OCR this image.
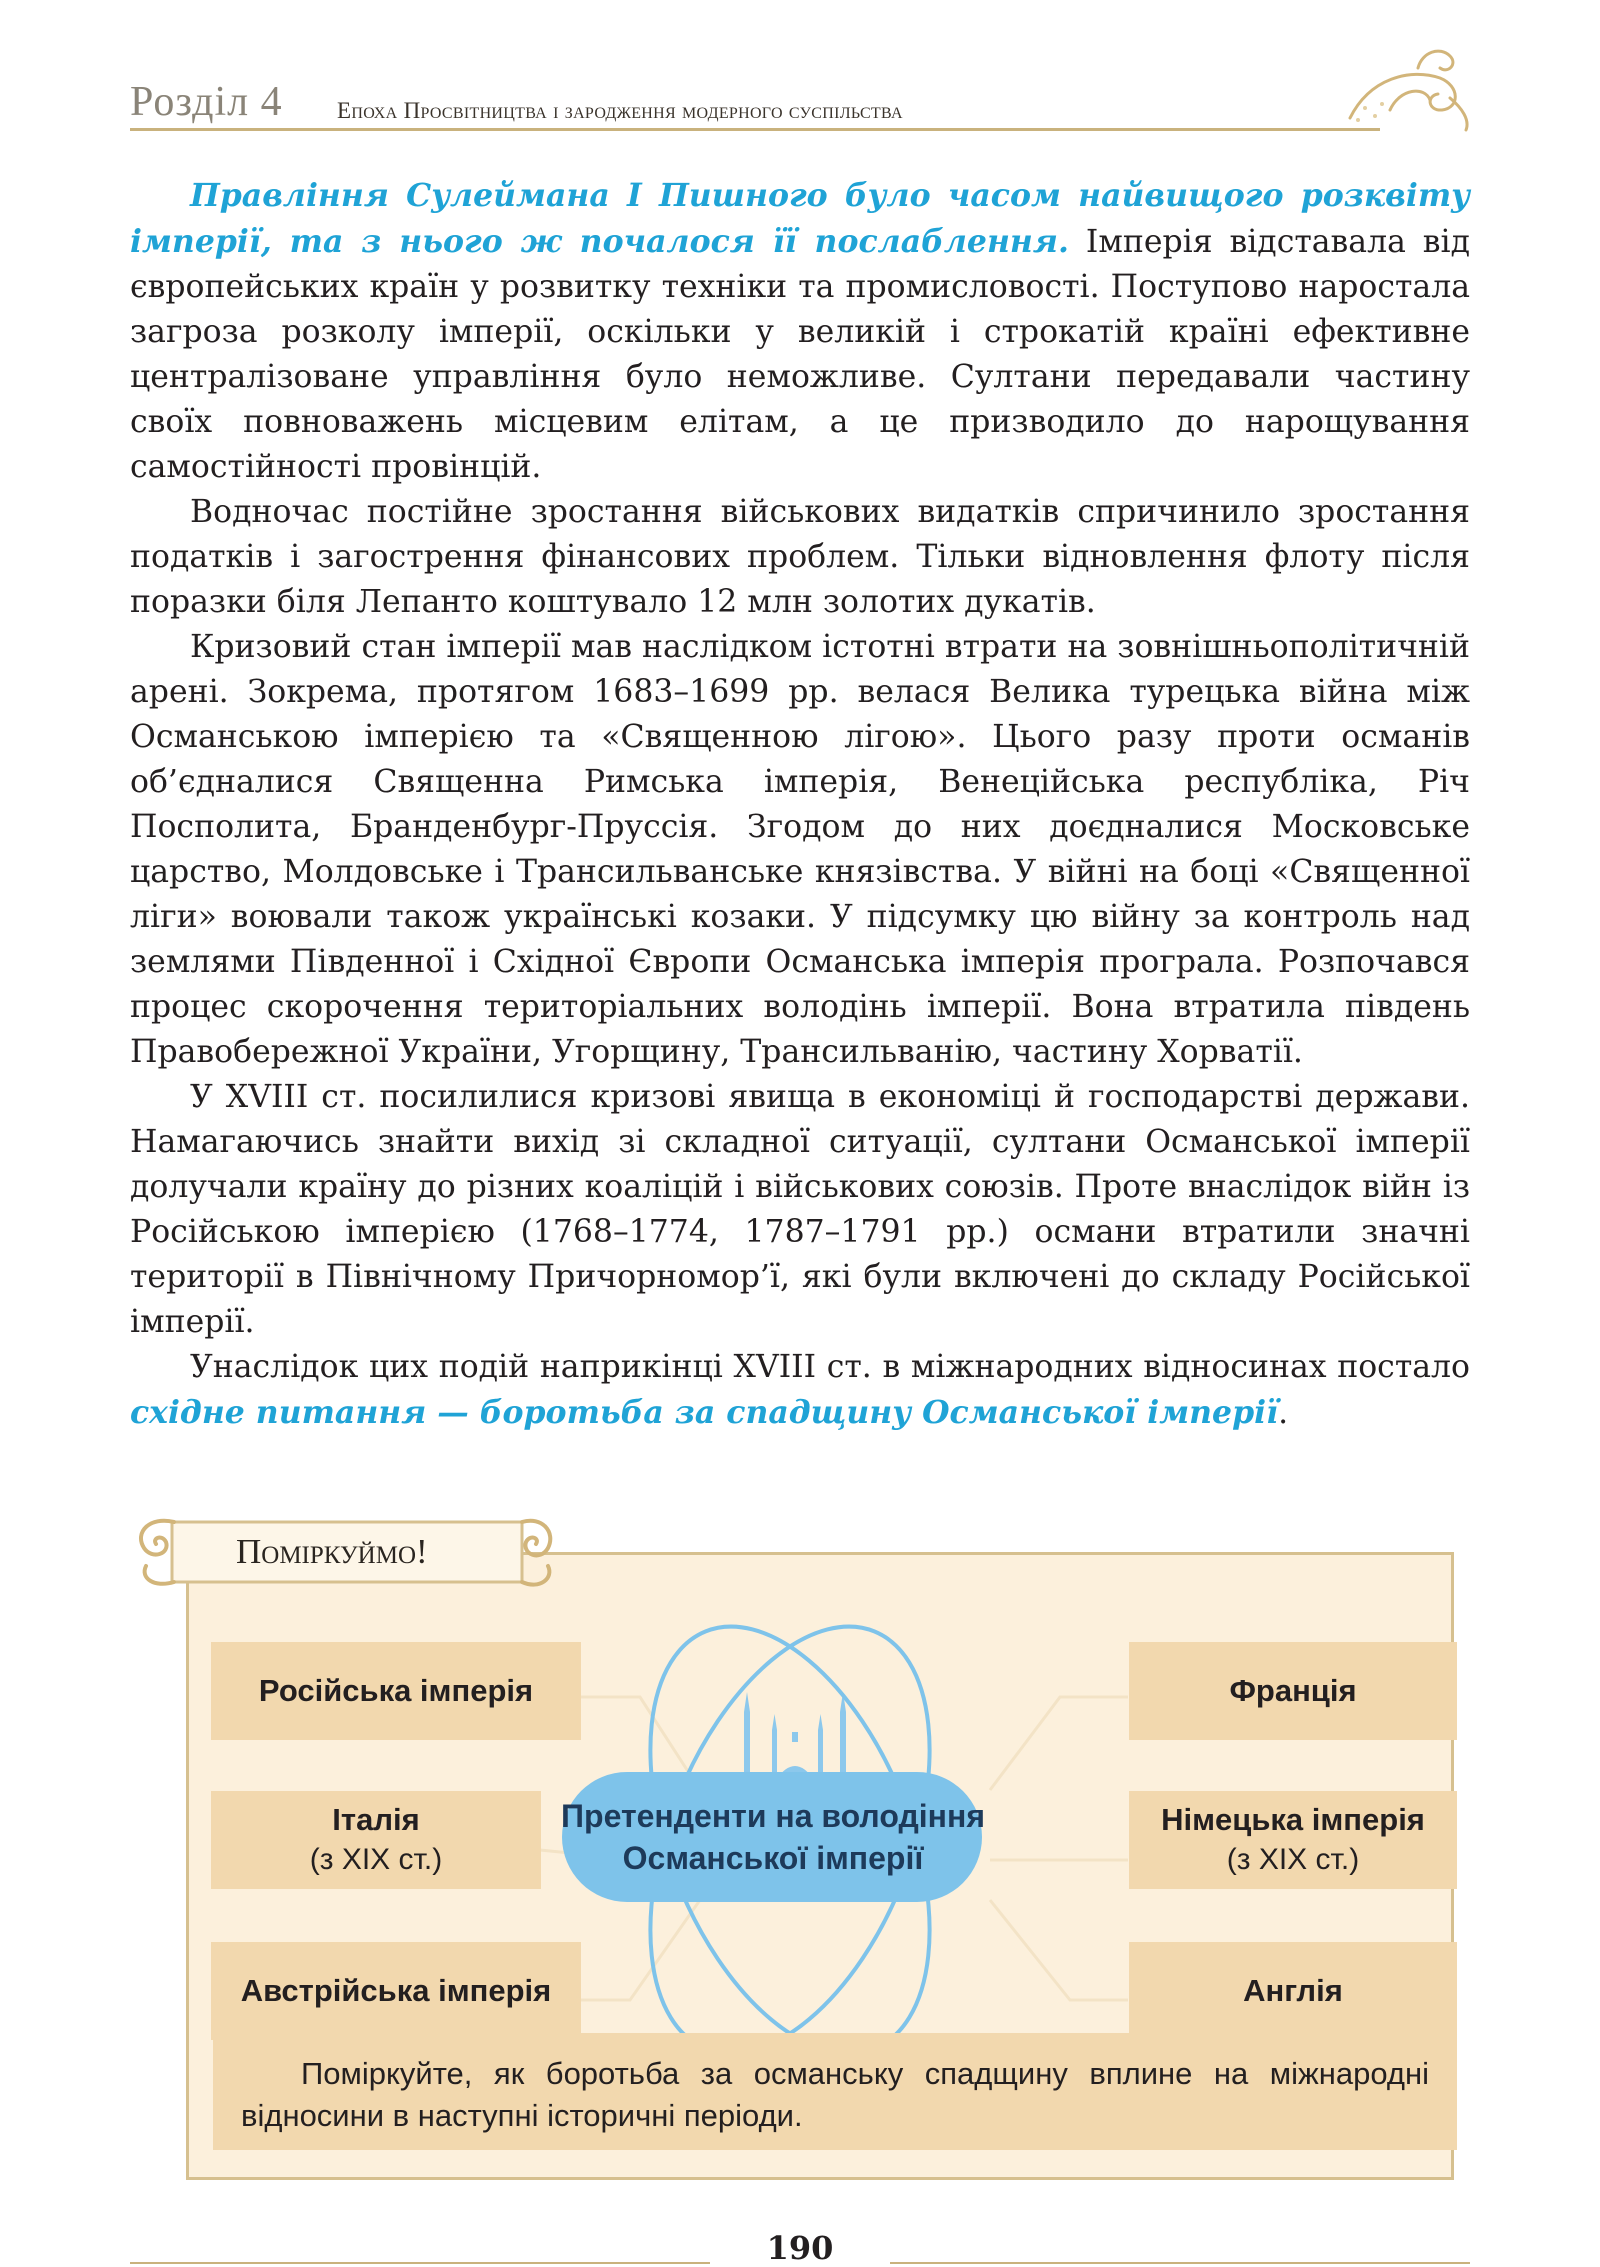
Розділ 4 Епоха Просвітництва і зародження модерного суспільства

Правління Сулеймана I Пишного було часом найвищого розквіту імперії, та з нього ж почалося її послаблення. Імперія відставала від європейських країн у розвитку техніки та промисловості. Поступово наростала загроза розколу імперії, оскільки у великій і строкатій країні ефективне централізоване управління було неможливе. Султани передавали частину своїх повноважень місцевим елітам, а це призводило до нарощування самостійності провінцій.

Водночас постійне зростання військових видатків спричинило зростання податків і загострення фінансових проблем. Тільки відновлення флоту після поразки біля Лепанто коштувало 12 млн золотих дукатів.

Кризовий стан імперії мав наслідком істотні втрати на зовнішньополітичній арені. Зокрема, протягом 1683–1699 рр. велася Велика турецька війна між Османською імперією та «Священною лігою». Цього разу проти османів об’єдналися Священна Римська імперія, Венеційська республіка, Річ Посполита, Бранденбург-Пруссія. Згодом до них доєдналися Московське царство, Молдовське і Трансильванське князівства. У війні на боці «Священної ліги» воювали також українські козаки. У підсумку цю війну за контроль над землями Південної і Східної Європи Османська імперія програла. Розпочався процес скорочення територіальних володінь імперії. Вона втратила південь Правобережної України, Угорщину, Трансильванію, частину Хорватії.

У XVIII ст. посилилися кризові явища в економіці й господарстві держави. Намагаючись знайти вихід зі складної ситуації, султани Османської імперії долучали країну до різних коаліцій і військових союзів. Проте внаслідок війн із Російською імперією (1768–1774, 1787–1791 рр.) османи втратили значні території в Північному Причорномор’ї, які були включені до складу Російської імперії.

Унаслідок цих подій наприкінці XVIII ст. в міжнародних відносинах постало східне питання — боротьба за спадщину Османської імперії.

Поміркуймо!
Російська імперія
Італія
(з XIX ст.)
Австрійська імперія
Франція
Німецька імперія
(з XIX ст.)
Англія
Претенденти на володіння
Османської імперії
Поміркуйте, як боротьба за османську спадщину вплине на міжнародні відносини в наступні історичні періоди.
190
